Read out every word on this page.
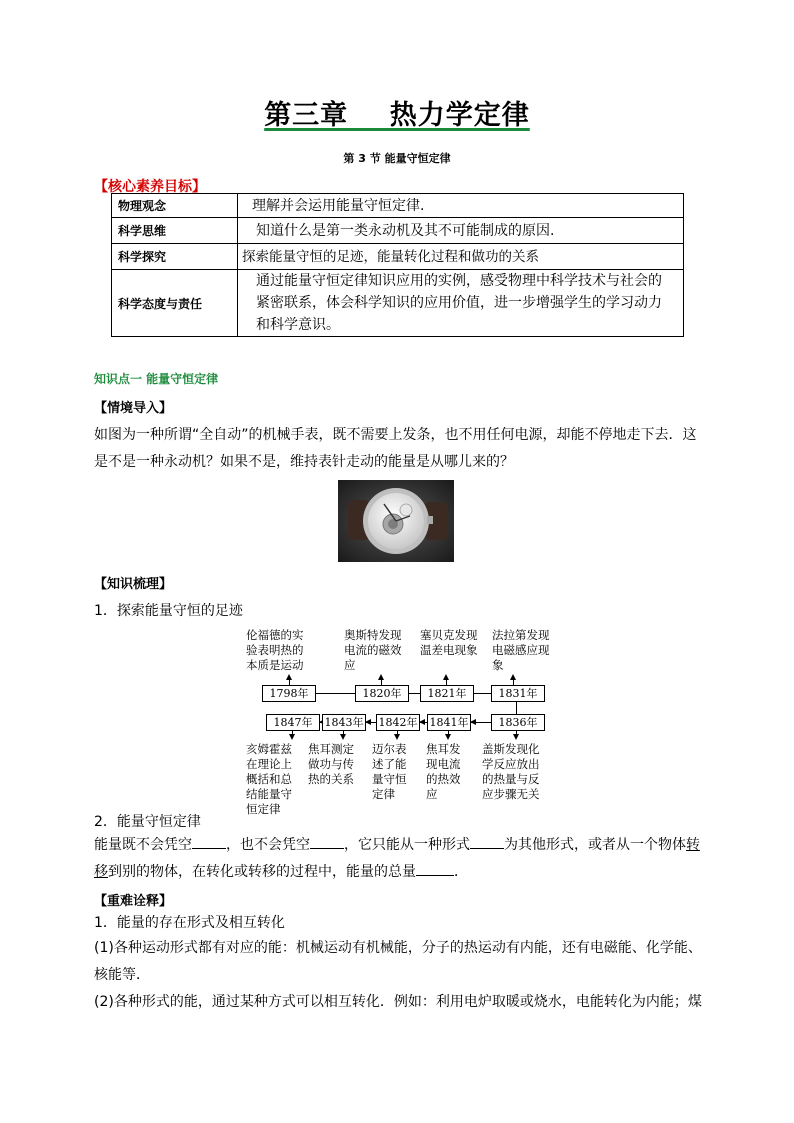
第三章    热力学定律
第 3 节 能量守恒定律
【核心素养目标】
物理观念	理解并会运用能量守恒定律.
科学思维	知道什么是第一类永动机及其不可能制成的原因.
科学探究	探索能量守恒的足迹，能量转化过程和做功的关系
科学态度与责任	通过能量守恒定律知识应用的实例，感受物理中科学技术与社会的紧密联系，体会科学知识的应用价值，进一步增强学生的学习动力和科学意识。
知识点一 能量守恒定律
【情境导入】
如图为一种所谓“全自动”的机械手表，既不需要上发条，也不用任何电源，却能不停地走下去．这是不是一种永动机？如果不是，维持表针走动的能量是从哪儿来的？
【知识梳理】
1．探索能量守恒的足迹
伦福德的实验表明热的本质是运动
奥斯特发现电流的磁效应
塞贝克发现温差电现象
法拉第发现电磁感应现象
1798年	1820年	1821年	1831年
1847年	1843年 1842年 1841年	1836年
亥姆霍兹在理论上概括和总结能量守恒定律
焦耳测定做功与传热的关系
迈尔表述了能量守恒定律
焦耳发现电流的热效应
盖斯发现化学反应放出的热量与反应步骤无关
2．能量守恒定律
能量既不会凭空 ，也不会凭空 ，它只能从一种形式 为其他形式，或者从一个物体转移到别的物体，在转化或转移的过程中，能量的总量	．
【重难诠释】
1．能量的存在形式及相互转化
(1)各种运动形式都有对应的能：机械运动有机械能，分子的热运动有内能，还有电磁能、化学能、核能等．
(2)各种形式的能，通过某种方式可以相互转化．例如：利用电炉取暖或烧水，电能转化为内能；煤
